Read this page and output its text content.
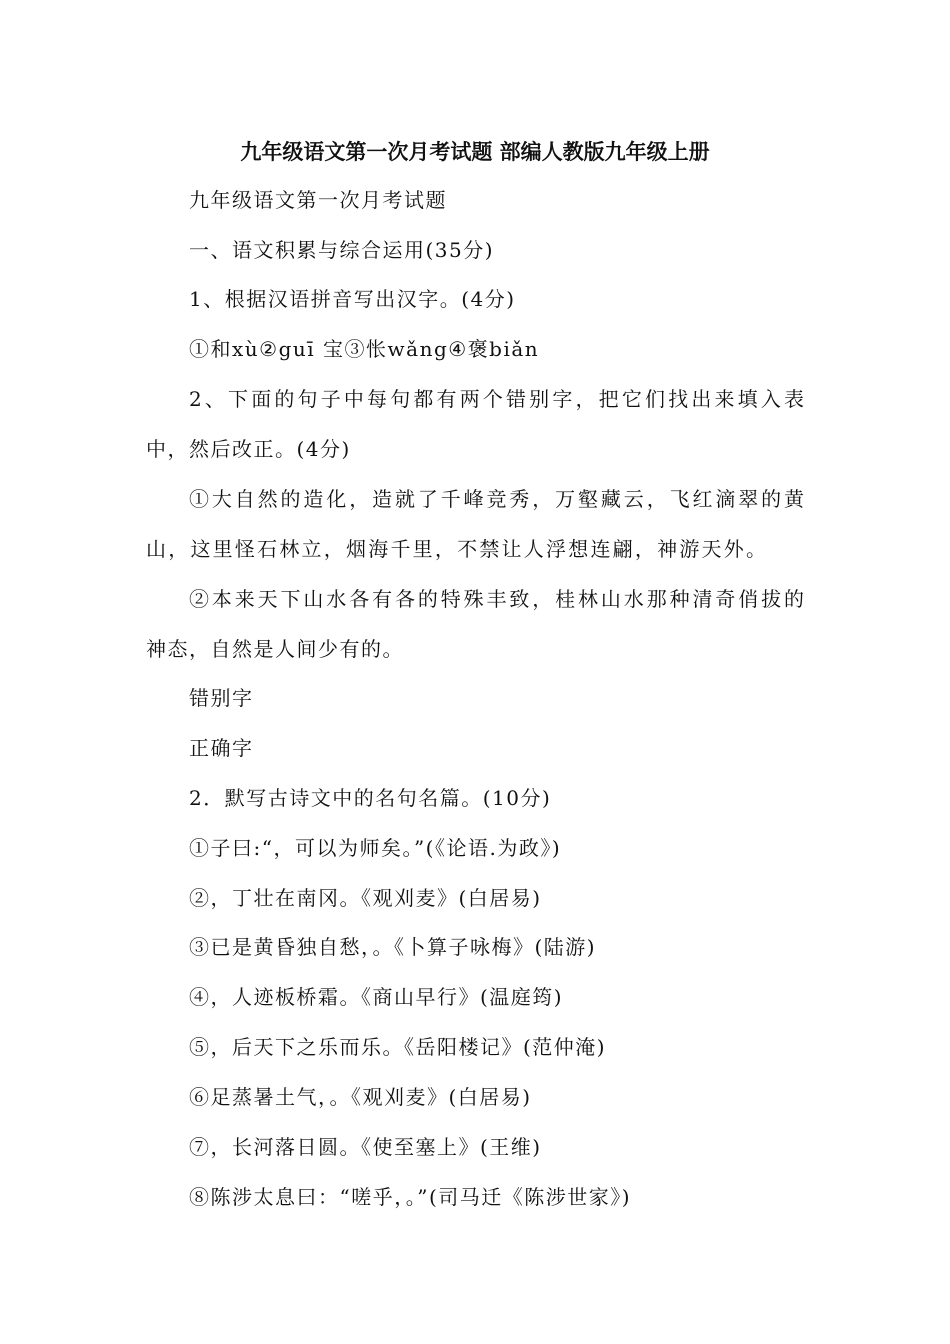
九年级语文第一次月考试题 部编人教版九年级上册
九年级语文第一次月考试题
一、语文积累与综合运用(35分)
1、根据汉语拼音写出汉字。(4分)
①和xù②guī 宝③怅wǎng④褒biǎn
2、下面的句子中每句都有两个错别字，把它们找出来填入表
中，然后改正。(4分)
①大自然的造化，造就了千峰竞秀，万壑藏云，飞红滴翠的黄
山，这里怪石林立，烟海千里，不禁让人浮想连翩，神游天外。
②本来天下山水各有各的特殊丰致，桂林山水那种清奇俏拔的
神态，自然是人间少有的。
错别字
正确字
2．默写古诗文中的名句名篇。(10分)
①子曰:“，可以为师矣。”(《论语.为政》)
②，丁壮在南冈。《观刈麦》(白居易)
③已是黄昏独自愁，。《卜算子咏梅》(陆游)
④，人迹板桥霜。《商山早行》(温庭筠)
⑤，后天下之乐而乐。《岳阳楼记》(范仲淹)
⑥足蒸暑土气，。《观刈麦》(白居易)
⑦，长河落日圆。《使至塞上》(王维)
⑧陈涉太息曰：“嗟乎，。”(司马迁《陈涉世家》)
